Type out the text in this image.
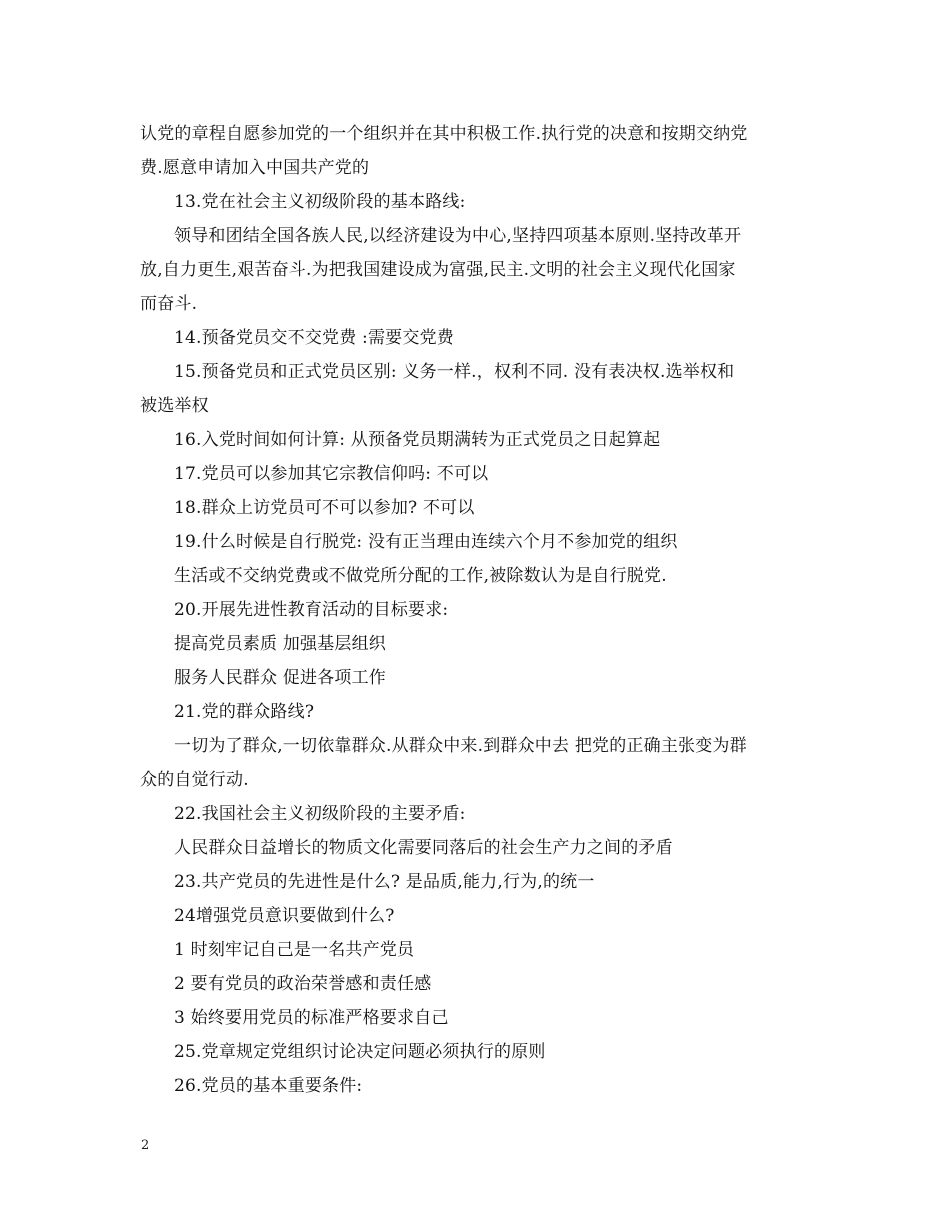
认党的章程自愿参加党的一个组织并在其中积极工作.执行党的决意和按期交纳党
费.愿意申请加入中国共产党的
13.党在社会主义初级阶段的基本路线:
领导和团结全国各族人民,以经济建设为中心,坚持四项基本原则.坚持改革开
放,自力更生,艰苦奋斗.为把我国建设成为富强,民主.文明的社会主义现代化国家
而奋斗.
14.预备党员交不交党费 :需要交党费
15.预备党员和正式党员区别: 义务一样.，权利不同. 没有表决权.选举权和
被选举权
16.入党时间如何计算: 从预备党员期满转为正式党员之日起算起
17.党员可以参加其它宗教信仰吗: 不可以
18.群众上访党员可不可以参加? 不可以
19.什么时候是自行脱党: 没有正当理由连续六个月不参加党的组织
生活或不交纳党费或不做党所分配的工作,被除数认为是自行脱党.
20.开展先进性教育活动的目标要求:
提高党员素质 加强基层组织
服务人民群众 促进各项工作
21.党的群众路线?
一切为了群众,一切依靠群众.从群众中来.到群众中去 把党的正确主张变为群
众的自觉行动.
22.我国社会主义初级阶段的主要矛盾:
人民群众日益增长的物质文化需要同落后的社会生产力之间的矛盾
23.共产党员的先进性是什么? 是品质,能力,行为,的统一
24增强党员意识要做到什么?
1 时刻牢记自己是一名共产党员
2 要有党员的政治荣誉感和责任感
3 始终要用党员的标准严格要求自己
25.党章规定党组织讨论决定问题必须执行的原则
26.党员的基本重要条件:
2
